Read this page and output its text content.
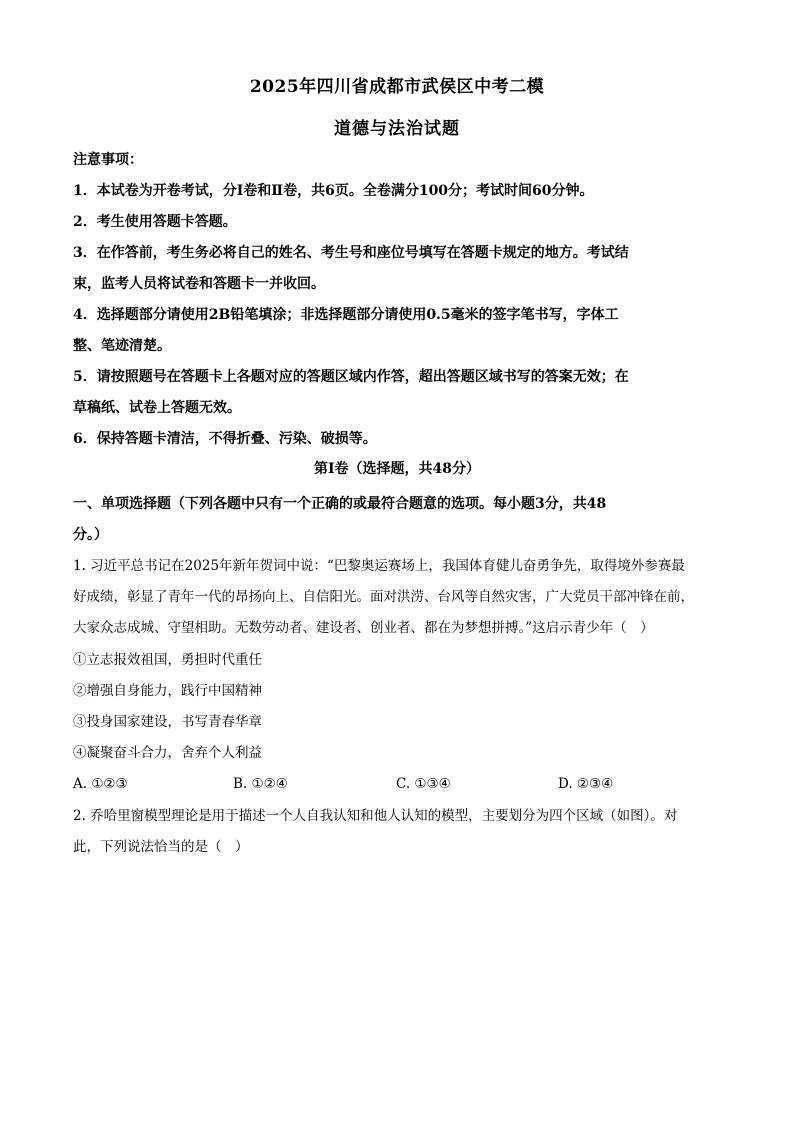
2025年四川省成都市武侯区中考二模
道德与法治试题
注意事项：
1．本试卷为开卷考试，分Ⅰ卷和Ⅱ卷，共6页。全卷满分100分；考试时间60分钟。
2．考生使用答题卡答题。
3．在作答前，考生务必将自己的姓名、考生号和座位号填写在答题卡规定的地方。考试结
束，监考人员将试卷和答题卡一并收回。
4．选择题部分请使用2B铅笔填涂；非选择题部分请使用0.5毫米的签字笔书写，字体工
整、笔迹清楚。
5．请按照题号在答题卡上各题对应的答题区域内作答，超出答题区域书写的答案无效；在
草稿纸、试卷上答题无效。
6．保持答题卡清洁，不得折叠、污染、破损等。
第Ⅰ卷（选择题，共48分）
一、单项选择题（下列各题中只有一个正确的或最符合题意的选项。每小题3分，共48
分。）
1. 习近平总书记在2025年新年贺词中说：“巴黎奥运赛场上，我国体育健儿奋勇争先，取得境外参赛最
好成绩，彰显了青年一代的昂扬向上、自信阳光。面对洪涝、台风等自然灾害，广大党员干部冲锋在前，
大家众志成城、守望相助。无数劳动者、建设者、创业者、都在为梦想拼搏。”这启示青少年（　）
①立志报效祖国，勇担时代重任
②增强自身能力，践行中国精神
③投身国家建设，书写青春华章
④凝聚奋斗合力，舍弃个人利益
A. ①②③	B. ①②④	C. ①③④	D. ②③④
2. 乔哈里窗模型理论是用于描述一个人自我认知和他人认知的模型，主要划分为四个区域（如图）。对
此，下列说法恰当的是（　）
